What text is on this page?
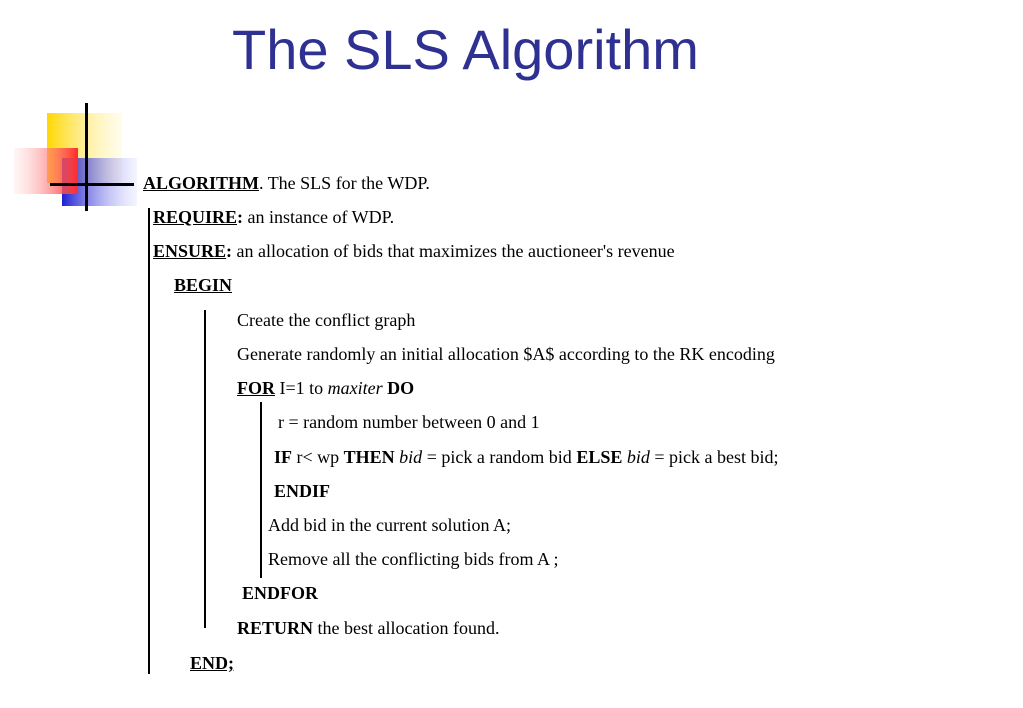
The SLS Algorithm
ALGORITHM. The SLS for the WDP.
REQUIRE: an instance of WDP.
ENSURE: an allocation of bids that maximizes the auctioneer's revenue
BEGIN
Create the conflict graph
Generate randomly an initial allocation $A$ according to the RK encoding
FOR I=1 to maxiter DO
r = random number between 0 and 1
IF r< wp THEN bid = pick a random bid ELSE bid = pick a best bid;
ENDIF
Add bid in the current solution A;
Remove all the conflicting bids from A ;
ENDFOR
RETURN the best allocation found.
END;
